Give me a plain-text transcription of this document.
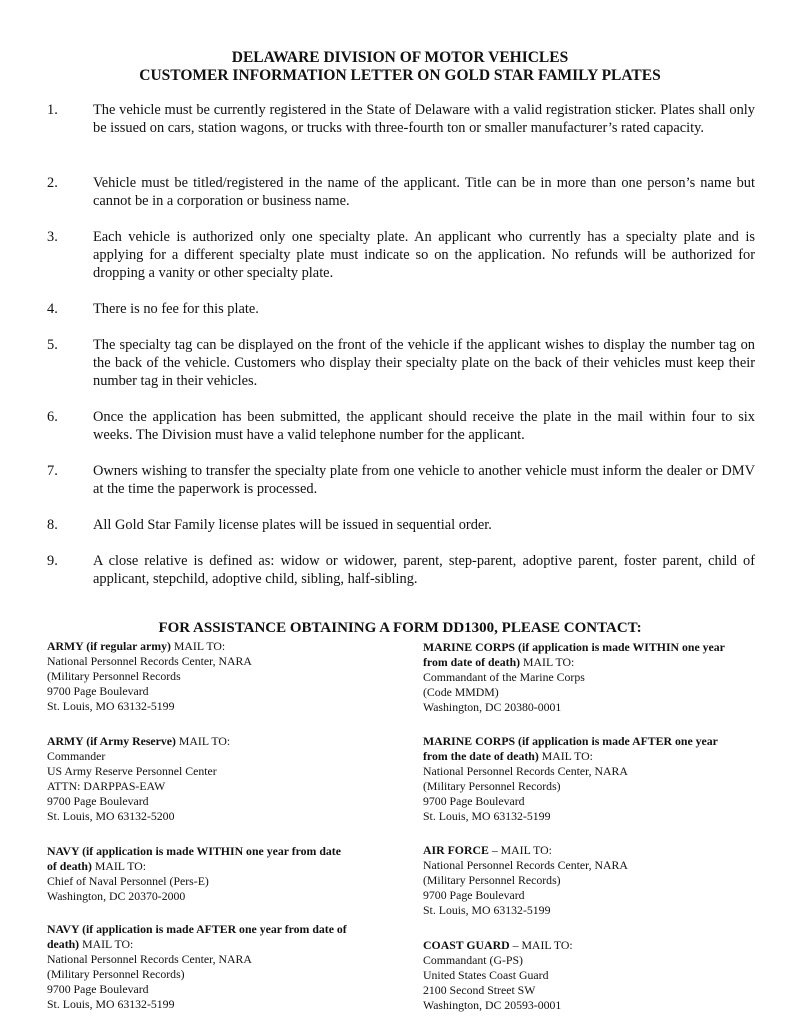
DELAWARE DIVISION OF MOTOR VEHICLES
CUSTOMER INFORMATION LETTER ON GOLD STAR FAMILY PLATES
1. The vehicle must be currently registered in the State of Delaware with a valid registration sticker. Plates shall only be issued on cars, station wagons, or trucks with three-fourth ton or smaller manufacturer’s rated capacity.
2. Vehicle must be titled/registered in the name of the applicant. Title can be in more than one person’s name but cannot be in a corporation or business name.
3. Each vehicle is authorized only one specialty plate. An applicant who currently has a specialty plate and is applying for a different specialty plate must indicate so on the application. No refunds will be authorized for dropping a vanity or other specialty plate.
4. There is no fee for this plate.
5. The specialty tag can be displayed on the front of the vehicle if the applicant wishes to display the number tag on the back of the vehicle. Customers who display their specialty plate on the back of their vehicles must keep their number tag in their vehicles.
6. Once the application has been submitted, the applicant should receive the plate in the mail within four to six weeks. The Division must have a valid telephone number for the applicant.
7. Owners wishing to transfer the specialty plate from one vehicle to another vehicle must inform the dealer or DMV at the time the paperwork is processed.
8. All Gold Star Family license plates will be issued in sequential order.
9. A close relative is defined as: widow or widower, parent, step-parent, adoptive parent, foster parent, child of applicant, stepchild, adoptive child, sibling, half-sibling.
FOR ASSISTANCE OBTAINING A FORM DD1300, PLEASE CONTACT:
ARMY (if regular army) MAIL TO:
National Personnel Records Center, NARA
(Military Personnel Records
9700 Page Boulevard
St. Louis, MO 63132-5199
ARMY (if Army Reserve) MAIL TO:
Commander
US Army Reserve Personnel Center
ATTN: DARPPAS-EAW
9700 Page Boulevard
St. Louis, MO 63132-5200
NAVY (if application is made WITHIN one year from date
of death) MAIL TO:
Chief of Naval Personnel (Pers-E)
Washington, DC 20370-2000
NAVY (if application is made AFTER one year from date of
death) MAIL TO:
National Personnel Records Center, NARA
(Military Personnel Records)
9700 Page Boulevard
St. Louis, MO 63132-5199
MARINE CORPS (if application is made WITHIN one year
from date of death) MAIL TO:
Commandant of the Marine Corps
(Code MMDM)
Washington, DC 20380-0001
MARINE CORPS (if application is made AFTER one year
from the date of death) MAIL TO:
National Personnel Records Center, NARA
(Military Personnel Records)
9700 Page Boulevard
St. Louis, MO 63132-5199
AIR FORCE – MAIL TO:
National Personnel Records Center, NARA
(Military Personnel Records)
9700 Page Boulevard
St. Louis, MO 63132-5199
COAST GUARD – MAIL TO:
Commandant (G-PS)
United States Coast Guard
2100 Second Street SW
Washington, DC 20593-0001
